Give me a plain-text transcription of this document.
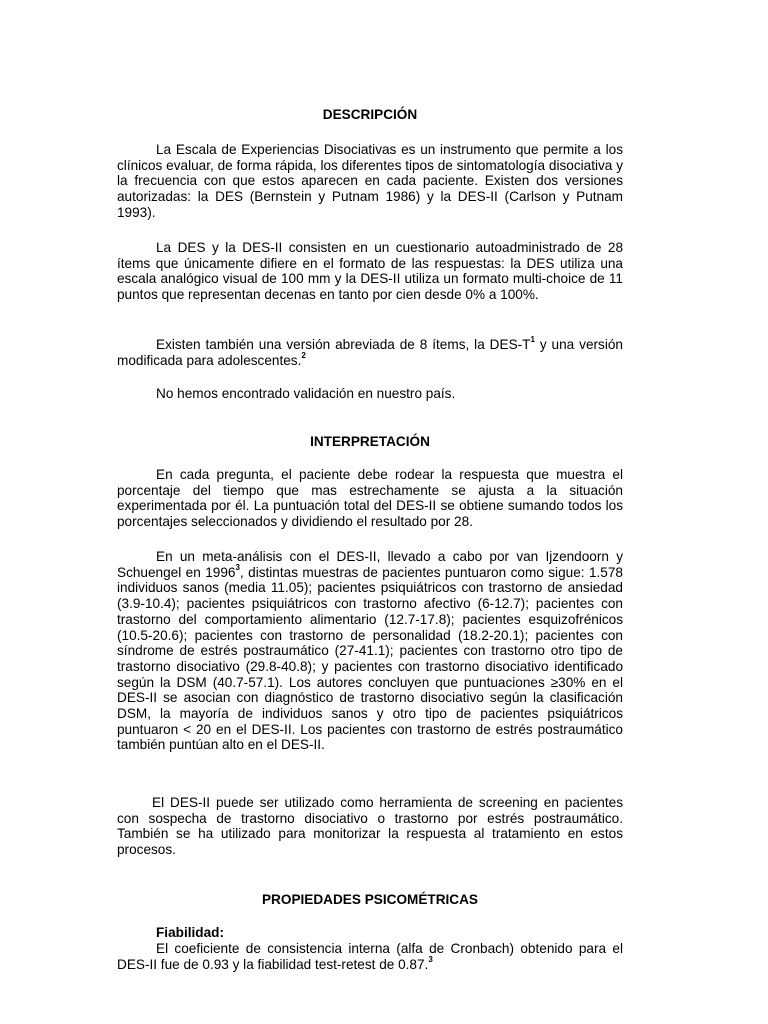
DESCRIPCIÓN

La Escala de Experiencias Disociativas es un instrumento que permite a los clínicos evaluar, de forma rápida, los diferentes tipos de sintomatología disociativa y la frecuencia con que estos aparecen en cada paciente. Existen dos versiones autorizadas: la DES (Bernstein y Putnam 1986) y la DES-II (Carlson y Putnam 1993).

La DES y la DES-II consisten en un cuestionario autoadministrado de 28 ítems que únicamente difiere en el formato de las respuestas: la DES utiliza una escala analógico visual de 100 mm y la DES-II utiliza un formato multi-choice de 11 puntos que representan decenas en tanto por cien desde 0% a 100%.

Existen también una versión abreviada de 8 ítems, la DES-$T^1$ y una versión modificada para adolescentes.$^2$

No hemos encontrado validación en nuestro país.

INTERPRETACIÓN

En cada pregunta, el paciente debe rodear la respuesta que muestra el porcentaje del tiempo que mas estrechamente se ajusta a la situación experimentada por él. La puntuación total del DES-II se obtiene sumando todos los porcentajes seleccionados y dividiendo el resultado por 28.

En un meta-análisis con el DES-II, llevado a cabo por van Ijzendoorn y Schuengel en 1996$^3$, distintas muestras de pacientes puntuaron como sigue: 1.578 individuos sanos (media 11.05); pacientes psiquiátricos con trastorno de ansiedad (3.9-10.4); pacientes psiquiátricos con trastorno afectivo (6-12.7); pacientes con trastorno del comportamiento alimentario (12.7-17.8); pacientes esquizofrénicos (10.5-20.6); pacientes con trastorno de personalidad (18.2-20.1); pacientes con síndrome de estrés postraumático (27-41.1); pacientes con trastorno otro tipo de trastorno disociativo (29.8-40.8); y pacientes con trastorno disociativo identificado según la DSM (40.7-57.1). Los autores concluyen que puntuaciones ≥30% en el DES-II se asocian con diagnóstico de trastorno disociativo según la clasificación DSM, la mayoría de individuos sanos y otro tipo de pacientes psiquiátricos puntuaron < 20 en el DES-II. Los pacientes con trastorno de estrés postraumático también puntúan alto en el DES-II.

El DES-II puede ser utilizado como herramienta de screening en pacientes con sospecha de trastorno disociativo o trastorno por estrés postraumático. También se ha utilizado para monitorizar la respuesta al tratamiento en estos procesos.

PROPIEDADES PSICOMÉTRICAS

Fiabilidad:

El coeficiente de consistencia interna (alfa de Cronbach) obtenido para el DES-II fue de 0.93 y la fiabilidad test-retest de 0.87.$^3$
